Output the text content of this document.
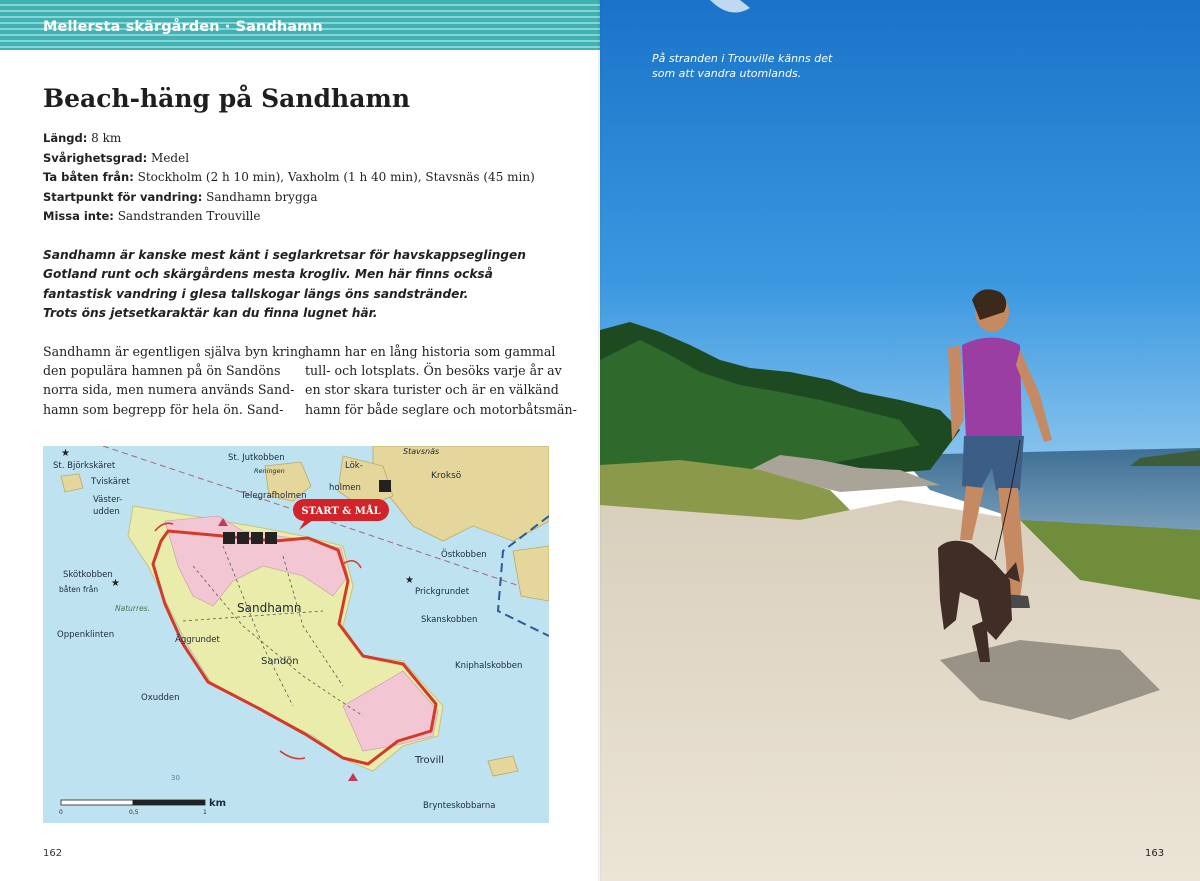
Mellersta skärgården · Sandhamn
Beach-häng på Sandhamn
Längd: 8 km
Svårighetsgrad: Medel
Ta båten från: Stockholm (2 h 10 min), Vaxholm (1 h 40 min), Stavsnäs (45 min)
Startpunkt för vandring: Sandhamn brygga
Missa inte: Sandstranden Trouville
Sandhamn är kanske mest känt i seglarkretsar för havskappseglingen
Gotland runt och skärgårdens mesta krogliv. Men här finns också
fantastisk vandring i glesa tallskogar längs öns sandstränder.
Trots öns jetsetkaraktär kan du finna lugnet här.
Sandhamn är egentligen själva byn kring
den populära hamnen på ön Sandöns
norra sida, men numera används Sand-
hamn som begrepp för hela ön. Sand-
hamn har en lång historia som gammal
tull- och lotsplats. Ön besöks varje år av
en stor skara turister och är en välkänd
hamn för både seglare och motorbåtsmän-
START & MÅL
★
★	★
St. Björkskäret
Tviskäret
Väster-
udden
St. Jutkobben
Reningen	Lök-
holmen
Stavsnäs
Kroksö
Telegrafholmen
Östkobben
Skötkobben
båten från
Naturres.
Prickgrundet
Sandhamn
Skanskobben
Äggrundet
Oppenklinten
Sandön	Kniphalskobben
Oxudden
Trovill
Brynteskobbarna
30
km
0	0,5	1
162
På stranden i Trouville känns det
som att vandra utomlands.
163
